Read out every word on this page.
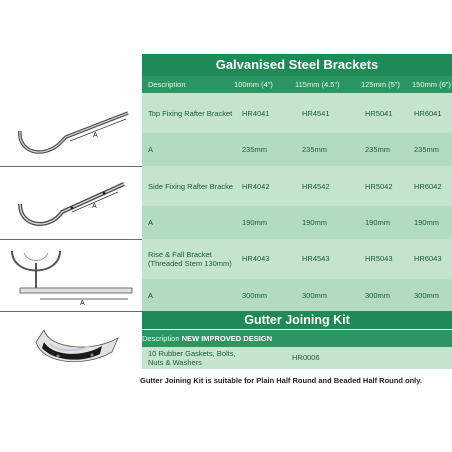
Galvanised Steel Brackets
Description	100mm (4")	115mm (4.5")	125mm (5") 150mm (6")
Top Fixing Rafter Bracket HR4041	HR4541	HR5041	HR6041
A	235mm	235mm	235mm	235mm
Side Fixing Rafter Bracke HR4042	HR4542	HR5042	HR6042
A	190mm	190mm	190mm	190mm
Rise & Fall Bracket
(Threaded Stem 130mm)
HR4043	HR4543	HR5043	HR6043
A	300mm	300mm	300mm	300mm
A
A
A
Gutter Joining Kit
Description NEW IMPROVED DESIGN
10 Rubber Gaskets, Bolts,
Nuts & Washers
HR0006
Gutter Joining Kit is suitable for Plain Half Round and Beaded Half Round only.
